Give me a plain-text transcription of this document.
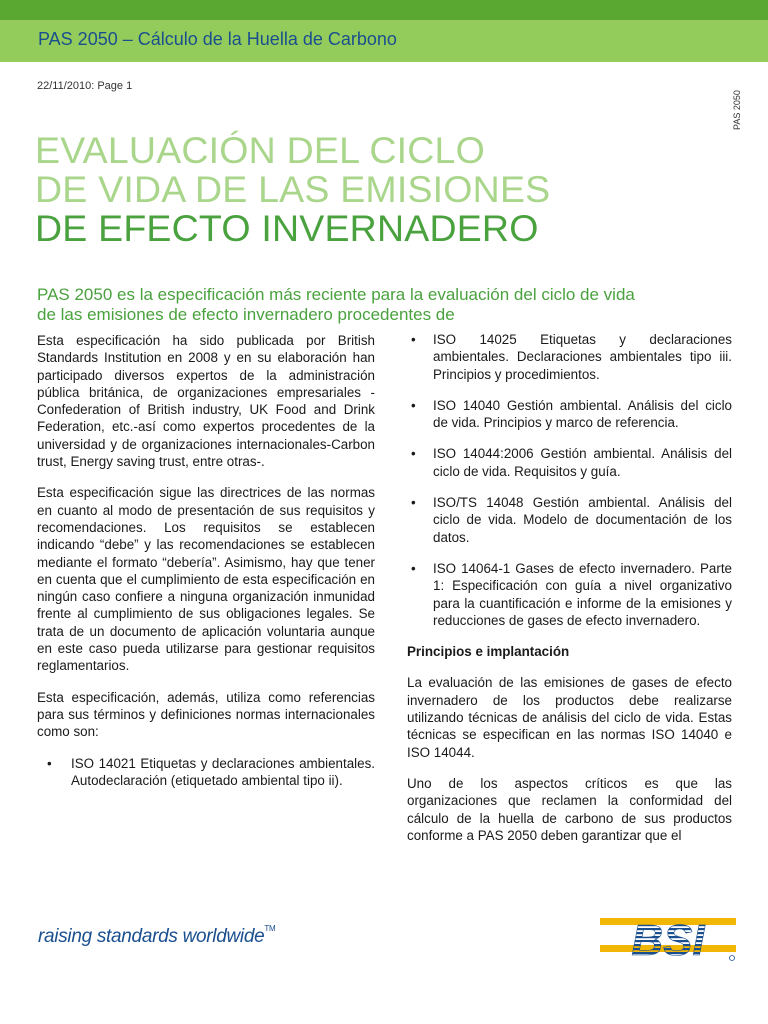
PAS 2050 – Cálculo de la Huella de Carbono
22/11/2010: Page 1
PAS 2050
EVALUACIÓN DEL CICLO
DE VIDA DE LAS EMISIONES
DE EFECTO INVERNADERO
PAS 2050 es la especificación más reciente para la evaluación del ciclo de vida de las emisiones de efecto invernadero procedentes de

Esta especificación ha sido publicada por British Standards Institution en 2008 y en su elaboración han participado diversos expertos de la administración pública británica, de organizaciones empresariales -Confederation of British industry, UK Food and Drink Federation, etc.-así como expertos procedentes de la universidad y de organizaciones internacionales-Carbon trust, Energy saving trust, entre otras-.

Esta especificación sigue las directrices de las normas en cuanto al modo de presentación de sus requisitos y recomendaciones. Los requisitos se establecen indicando “debe” y las recomendaciones se establecen mediante el formato “debería”. Asimismo, hay que tener en cuenta que el cumplimiento de esta especificación en ningún caso confiere a ninguna organización inmunidad frente al cumplimiento de sus obligaciones legales. Se trata de un documento de aplicación voluntaria aunque en este caso pueda utilizarse para gestionar requisitos reglamentarios.

Esta especificación, además, utiliza como referencias para sus términos y definiciones normas internacionales como son:

• ISO 14021 Etiquetas y declaraciones ambientales. Autodeclaración (etiquetado ambiental tipo ii).
• ISO 14025 Etiquetas y declaraciones ambientales. Declaraciones ambientales tipo iii. Principios y procedimientos.
• ISO 14040 Gestión ambiental. Análisis del ciclo de vida. Principios y marco de referencia.
• ISO 14044:2006 Gestión ambiental. Análisis del ciclo de vida. Requisitos y guía.
• ISO/TS 14048 Gestión ambiental. Análisis del ciclo de vida. Modelo de documentación de los datos.
• ISO 14064-1 Gases de efecto invernadero. Parte 1: Especificación con guía a nivel organizativo para la cuantificación e informe de la emisiones y reducciones de gases de efecto invernadero.

Principios e implantación

La evaluación de las emisiones de gases de efecto invernadero de los productos debe realizarse utilizando técnicas de análisis del ciclo de vida. Estas técnicas se especifican en las normas ISO 14040 e ISO 14044.

Uno de los aspectos críticos es que las organizaciones que reclamen la conformidad del cálculo de la huella de carbono de sus productos conforme a PAS 2050 deben garantizar que el

raising standards worldwide™	BSI
